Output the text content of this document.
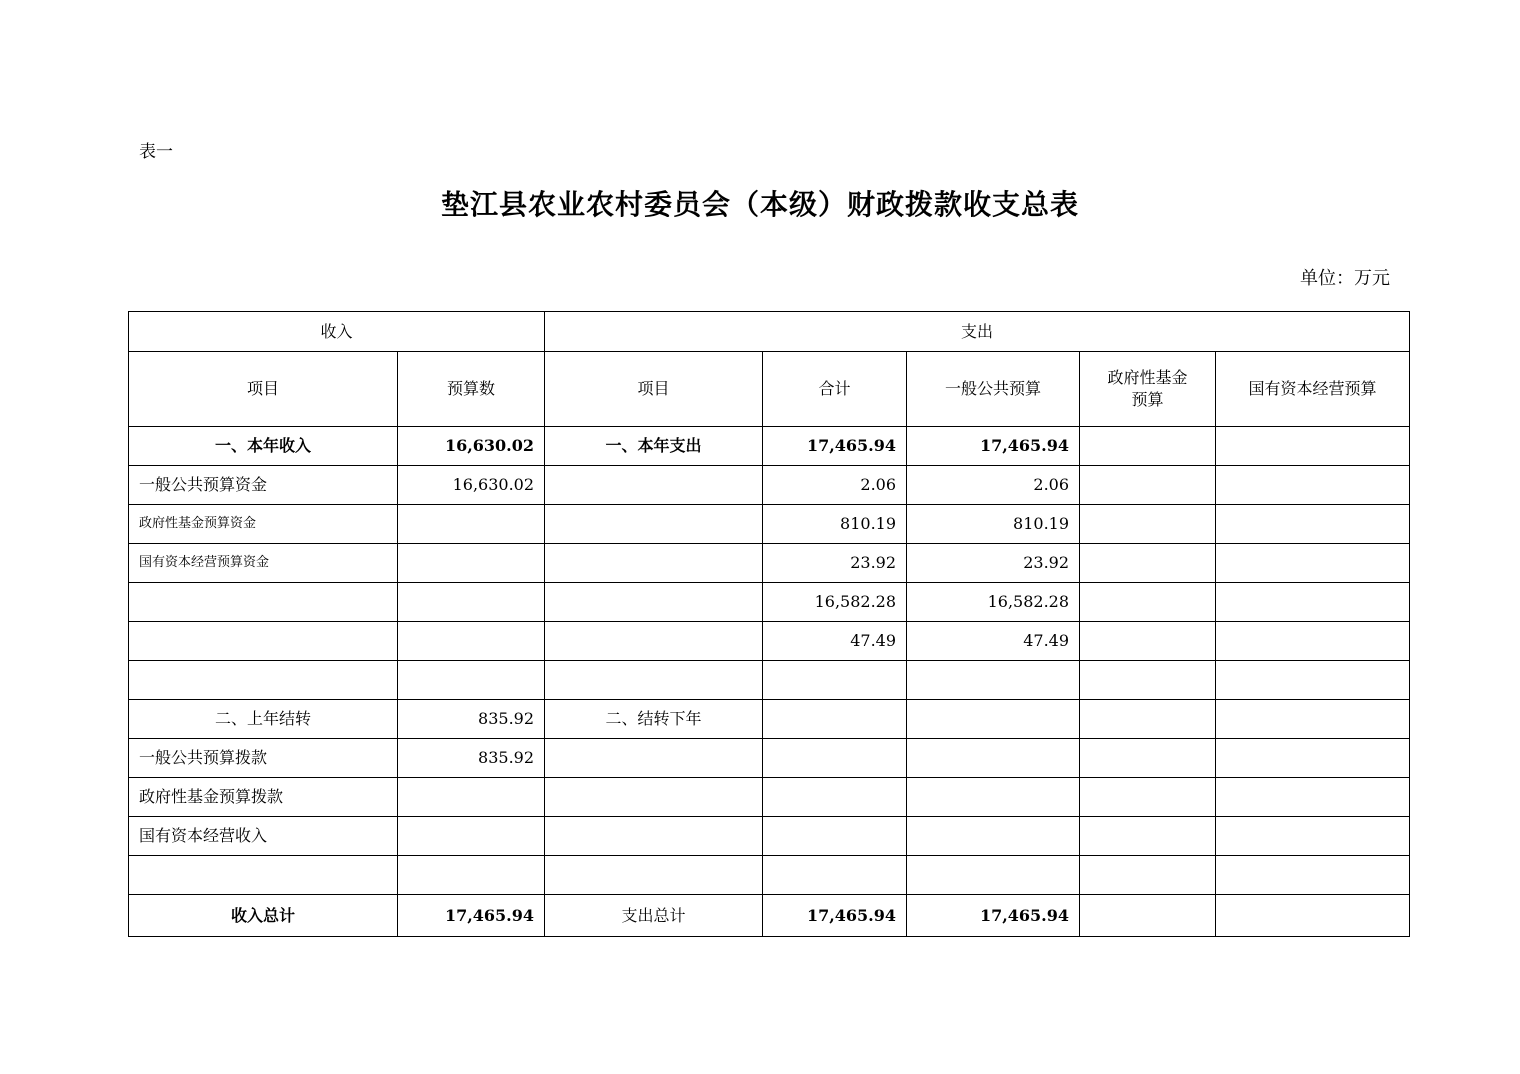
表一
垫江县农业农村委员会（本级）财政拨款收支总表
单位：万元
收入		支出				
项目	预算数	项目	合计	一般公共预算	政府性基金预算	国有资本经营预算
一、本年收入	16,630.02	一、本年支出	17,465.94	17,465.94		
一般公共预算资金	16,630.02		2.06	2.06		
政府性基金预算资金			810.19	810.19		
国有资本经营预算资金			23.92	23.92		
			16,582.28	16,582.28		
			47.49	47.49		

二、上年结转	835.92	二、结转下年				
一般公共预算拨款	835.92					
政府性基金预算拨款						
国有资本经营收入						

收入总计	17,465.94	支出总计	17,465.94	17,465.94		
